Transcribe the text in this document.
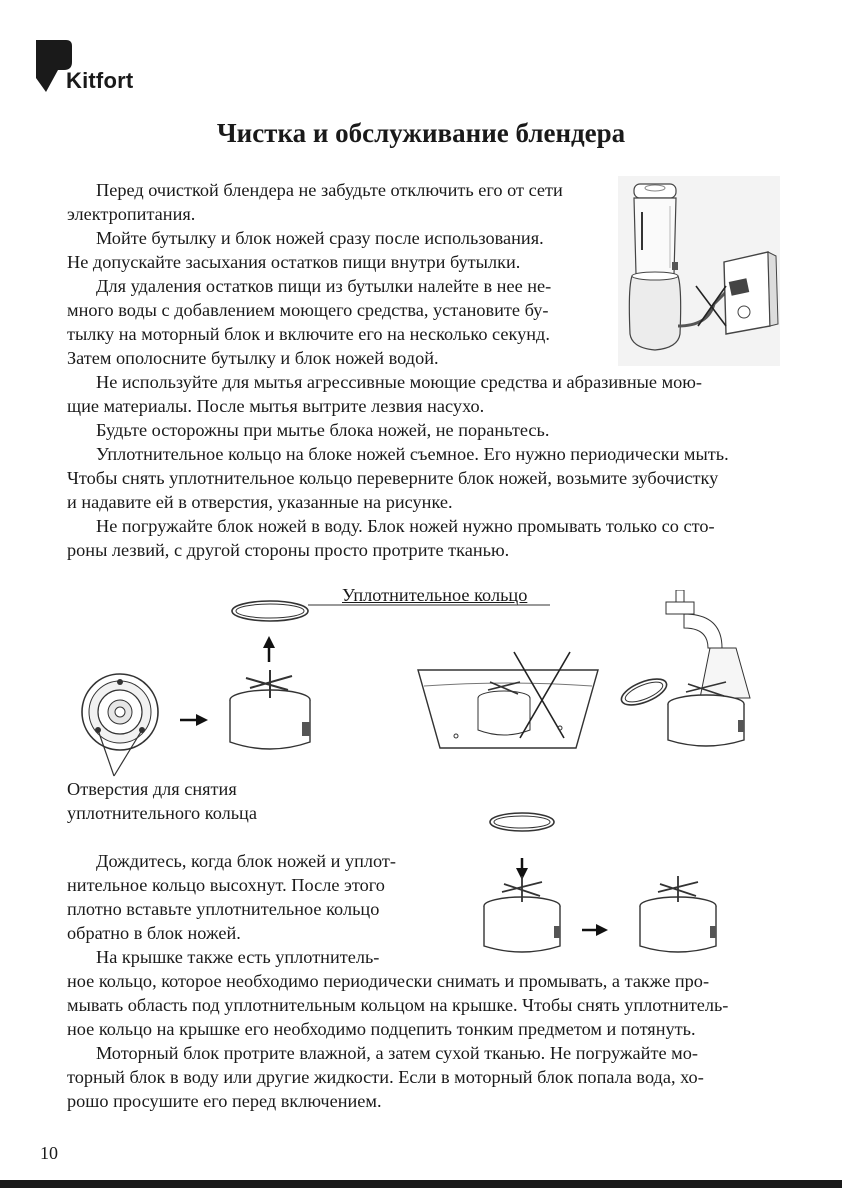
Kitfort
Чистка и обслуживание блендера
Перед очисткой блендера не забудьте отключить его от сети
электропитания.
Мойте бутылку и блок ножей сразу после использования.
Не допускайте засыхания остатков пищи внутри бутылки.
Для удаления остатков пищи из бутылки налейте в нее не-
много воды с добавлением моющего средства, установите бу-
тылку на моторный блок и включите его на несколько секунд.
Затем ополосните бутылку и блок ножей водой.
Не используйте для мытья агрессивные моющие средства и абразивные мою-
щие материалы. После мытья вытрите лезвия насухо.
Будьте осторожны при мытье блока ножей, не пораньтесь.
Уплотнительное кольцо на блоке ножей съемное. Его нужно периодически мыть.
Чтобы снять уплотнительное кольцо переверните блок ножей, возьмите зубочистку
и надавите ей в отверстия, указанные на рисунке.
Не погружайте блок ножей в воду. Блок ножей нужно промывать только со сто-
роны лезвий, с другой стороны просто протрите тканью.
Уплотнительное кольцо
Отверстия для снятия
уплотнительного кольца
Дождитесь, когда блок ножей и уплот-
нительное кольцо высохнут. После этого
плотно вставьте уплотнительное кольцо
обратно в блок ножей.
На крышке также есть уплотнитель-
ное кольцо, которое необходимо периодически снимать и промывать, а также про-
мывать область под уплотнительным кольцом на крышке. Чтобы снять уплотнитель-
ное кольцо на крышке его необходимо подцепить тонким предметом и потянуть.
Моторный блок протрите влажной, а затем сухой тканью. Не погружайте мо-
торный блок в воду или другие жидкости. Если в моторный блок попала вода, хо-
рошо просушите его перед включением.
10
